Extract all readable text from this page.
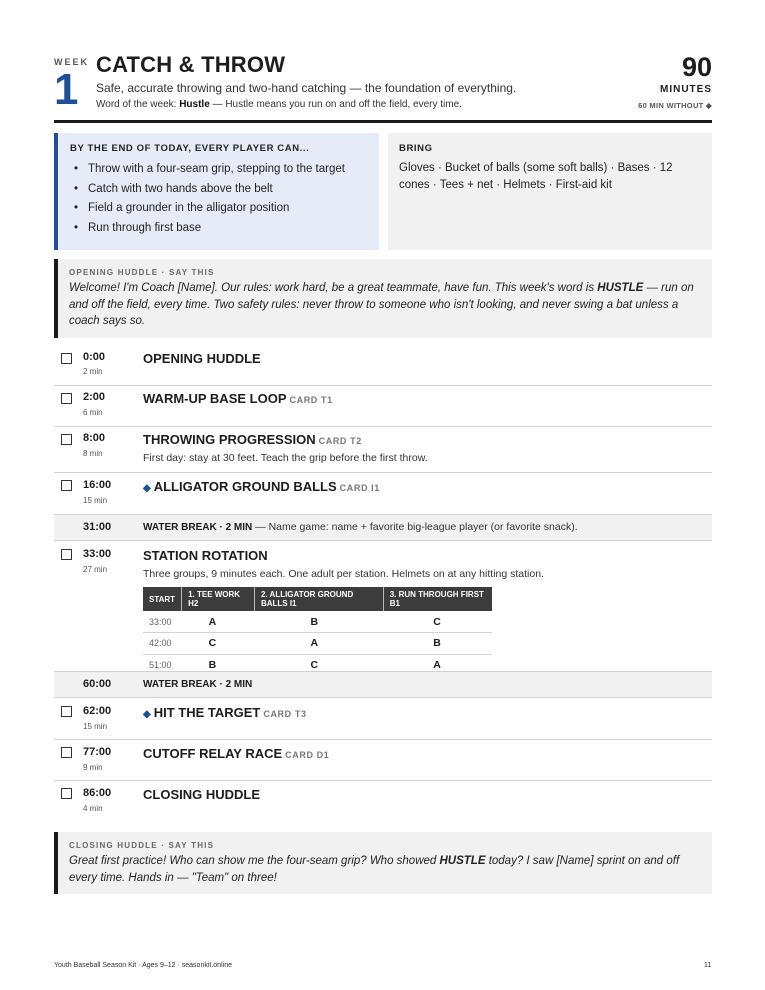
WEEK
1
CATCH & THROW
Safe, accurate throwing and two-hand catching — the foundation of everything.
Word of the week: Hustle — Hustle means you run on and off the field, every time.
90
MINUTES
60 MIN WITHOUT ◆
BY THE END OF TODAY, EVERY PLAYER CAN...
• Throw with a four-seam grip, stepping to the target
• Catch with two hands above the belt
• Field a grounder in the alligator position
• Run through first base
BRING
Gloves · Bucket of balls (some soft balls) · Bases · 12 cones · Tees + net · Helmets · First-aid kit
OPENING HUDDLE · SAY THIS
Welcome! I'm Coach [Name]. Our rules: work hard, be a great teammate, have fun. This week's word is HUSTLE — run on and off the field, every time. Two safety rules: never throw to someone who isn't looking, and never swing a bat unless a coach says so.
0:00
2 min
OPENING HUDDLE
2:00
6 min
WARM-UP BASE LOOP CARD T1
8:00
8 min
THROWING PROGRESSION CARD T2
First day: stay at 30 feet. Teach the grip before the first throw.
16:00
15 min
◆ ALLIGATOR GROUND BALLS CARD I1
31:00	WATER BREAK · 2 MIN — Name game: name + favorite big-league player (or favorite snack).
33:00
27 min
STATION ROTATION
Three groups, 9 minutes each. One adult per station. Helmets on at any hitting station.
START	1. TEE WORK H2	2. ALLIGATOR GROUND BALLS I1	3. RUN THROUGH FIRST B1
33:00	A	B	C
42:00	C	A	B
51:00	B	C	A
60:00	WATER BREAK · 2 MIN
62:00
15 min
◆ HIT THE TARGET CARD T3
77:00
9 min
CUTOFF RELAY RACE CARD D1
86:00
4 min
CLOSING HUDDLE
CLOSING HUDDLE · SAY THIS
Great first practice! Who can show me the four-seam grip? Who showed HUSTLE today? I saw [Name] sprint on and off every time. Hands in — "Team" on three!
Youth Baseball Season Kit · Ages 9–12 · seasonkit.online	11
